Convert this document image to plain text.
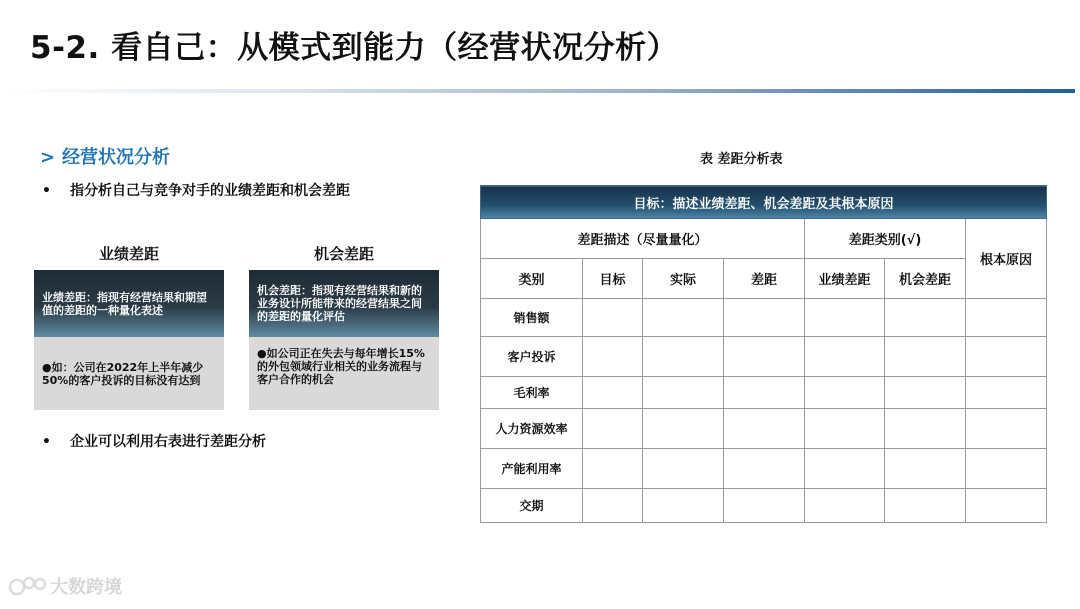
5-2. 看自己：从模式到能力（经营状况分析）
> 经营状况分析
• 指分析自己与竞争对手的业绩差距和机会差距
业绩差距	机会差距
业绩差距：指现有经营结果和期望值的差距的一种量化表述
●如：公司在2022年上半年减少50%的客户投诉的目标没有达到
机会差距：指现有经营结果和新的业务设计所能带来的经营结果之间的差距的量化评估
●如公司正在失去与每年增长15%的外包领域行业相关的业务流程与客户合作的机会
• 企业可以利用右表进行差距分析
表 差距分析表
目标：描述业绩差距、机会差距及其根本原因						
差距描述（尽量量化）				差距类别(√)		根本原因
类别	目标	实际	差距	业绩差距	机会差距	
销售额						
客户投诉						
毛利率						
人力资源效率						
产能利用率						
交期						
大数跨境
